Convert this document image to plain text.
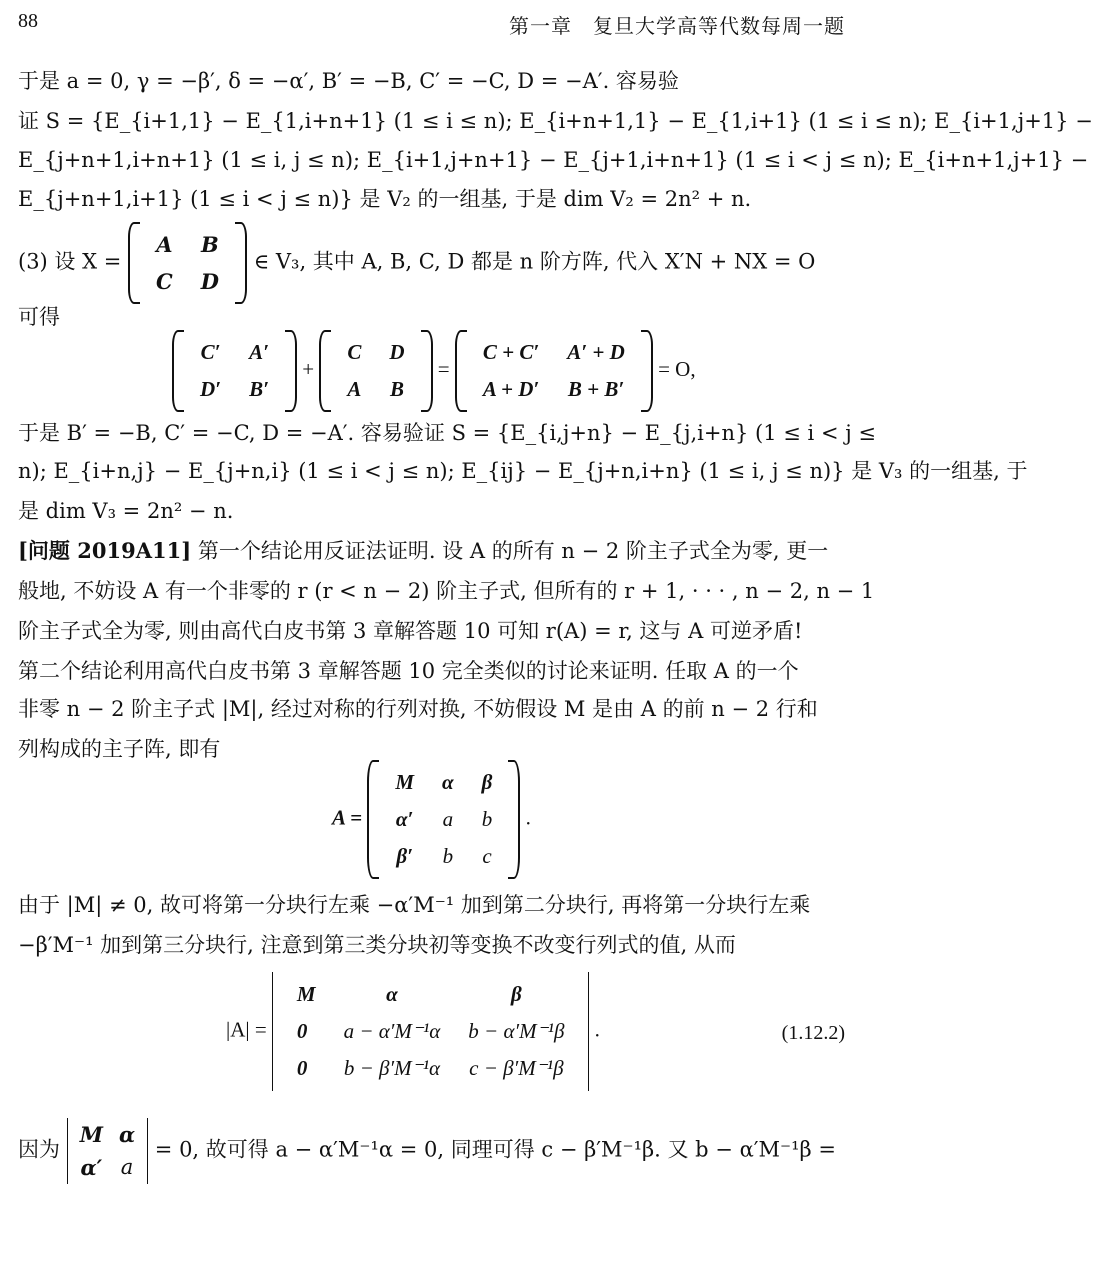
88	第一章　复旦大学高等代数每周一题
于是 a = 0, γ = −β′, δ = −α′, B′ = −B, C′ = −C, D = −A′. 容易验
证 S = {E_{i+1,1} − E_{1,i+n+1} (1 ≤ i ≤ n); E_{i+n+1,1} − E_{1,i+1} (1 ≤ i ≤ n); E_{i+1,j+1} −
E_{j+n+1,i+n+1} (1 ≤ i, j ≤ n); E_{i+1,j+n+1} − E_{j+1,i+n+1} (1 ≤ i < j ≤ n); E_{i+n+1,j+1} −
E_{j+n+1,i+1} (1 ≤ i < j ≤ n)} 是 V₂ 的一组基, 于是 dim V₂ = 2n² + n.
(3) 设 X =
A	B
C	D
∈ V₃, 其中 A, B, C, D 都是 n 阶方阵, 代入 X′N + NX = O
可得
C′	A′
D′	B′
+
C	D
A	B
=
C + C′	A′ + D
A + D′	B + B′
= O,
于是 B′ = −B, C′ = −C, D = −A′. 容易验证 S = {E_{i,j+n} − E_{j,i+n} (1 ≤ i < j ≤
n); E_{i+n,j} − E_{j+n,i} (1 ≤ i < j ≤ n); E_{ij} − E_{j+n,i+n} (1 ≤ i, j ≤ n)} 是 V₃ 的一组基, 于
是 dim V₃ = 2n² − n.
[问题 2019A11] 第一个结论用反证法证明. 设 A 的所有 n − 2 阶主子式全为零, 更一
般地, 不妨设 A 有一个非零的 r (r < n − 2) 阶主子式, 但所有的 r + 1, · · · , n − 2, n − 1
阶主子式全为零, 则由高代白皮书第 3 章解答题 10 可知 r(A) = r, 这与 A 可逆矛盾!
第二个结论利用高代白皮书第 3 章解答题 10 完全类似的讨论来证明. 任取 A 的一个
非零 n − 2 阶主子式 |M|, 经过对称的行列对换, 不妨假设 M 是由 A 的前 n − 2 行和
列构成的主子阵, 即有
A =
M	α	β
α′	a	b
β′	b	c
.
由于 |M| ≠ 0, 故可将第一分块行左乘 −α′M⁻¹ 加到第二分块行, 再将第一分块行左乘
−β′M⁻¹ 加到第三分块行, 注意到第三类分块初等变换不改变行列式的值, 从而
|A| =
M	α	β
0	a − α′M⁻¹α	b − α′M⁻¹β
0	b − β′M⁻¹α	c − β′M⁻¹β
.	(1.12.2)
因为
M α
α′ a
= 0, 故可得 a − α′M⁻¹α = 0, 同理可得 c − β′M⁻¹β. 又 b − α′M⁻¹β =
